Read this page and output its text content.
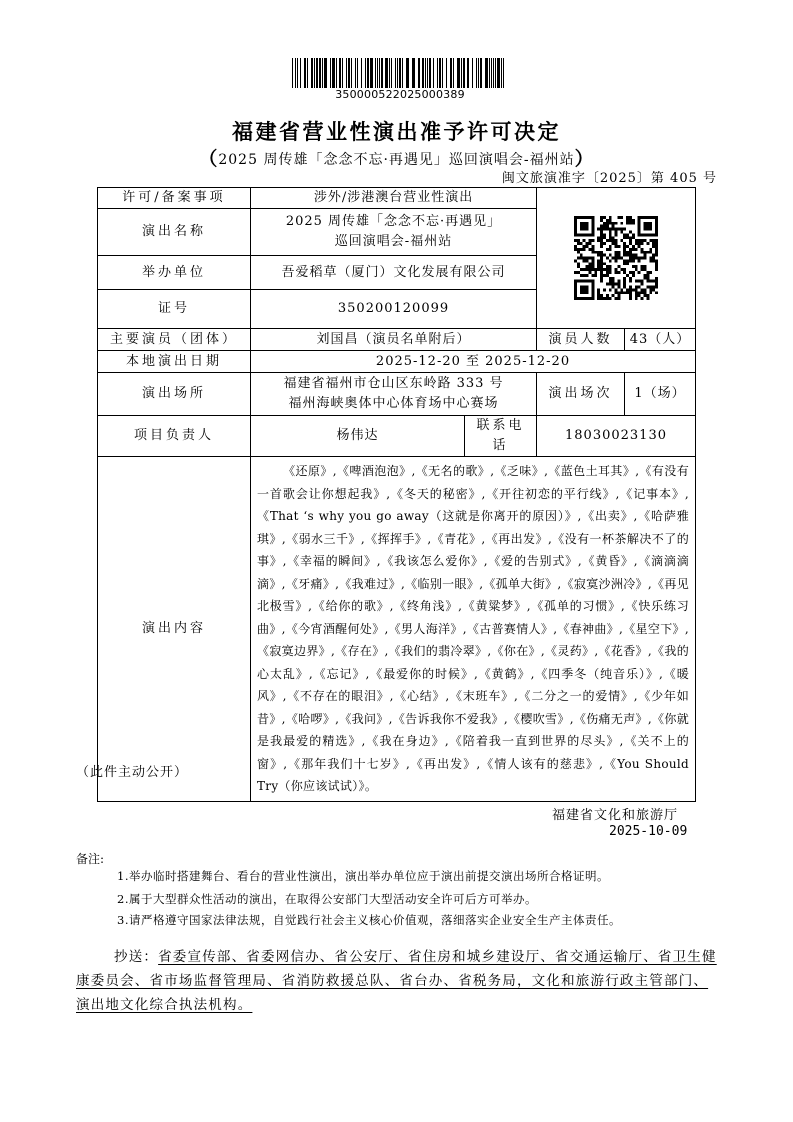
350000522025000389
福建省营业性演出准予许可决定
（2025 周传雄「念念不忘·再遇见」巡回演唱会-福州站）
闽文旅演准字〔2025〕第 405 号
许可/备案事项	涉外/涉港澳台营业性演出	

演出名称	2025 周传雄「念念不忘·再遇见」
巡回演唱会-福州站			

举办单位	吾爱稻草（厦门）文化发展有限公司			
证号	350200120099			
主要演员（团体）	刘国昌（演员名单附后）		演员人数	43（人）
本地演出日期	2025-12-20 至 2025-12-20			
演出场所	福建省福州市仓山区东岭路 333 号
福州海峡奥体中心体育场中心赛场		演出场次	1（场）
项目负责人	杨伟达	联系电话	18030023130	
演出内容	《还原》,《啤酒泡泡》,《无名的歌》,《乏味》,《蓝色土耳其》,《有没有一首歌会让你想起我》,《冬天的秘密》,《开往初恋的平行线》,《记事本》,《That ‘s why you go away（这就是你离开的原因）》,《出卖》,《哈萨雅琪》,《弱水三千》,《挥挥手》,《青花》,《再出发》,《没有一杯茶解决不了的事》,《幸福的瞬间》,《我该怎么爱你》,《爱的告别式》,《黄昏》,《滴滴滴滴》,《牙痛》,《我难过》,《临别一眼》,《孤单大街》,《寂寞沙洲冷》,《再见北极雪》,《给你的歌》,《终角浅》,《黄粱梦》,《孤单的习惯》,《快乐练习曲》,《今宵酒醒何处》,《男人海洋》,《古普赛情人》,《春神曲》,《星空下》,《寂寞边界》,《存在》,《我们的翡冷翠》,《你在》,《灵药》,《花香》,《我的心太乱》,《忘记》,《最爱你的时候》,《黄鹤》,《四季冬（纯音乐）》,《暖风》,《不存在的眼泪》,《心结》,《末班车》,《二分之一的爱情》,《少年如昔》,《哈啰》,《我问》,《告诉我你不爱我》,《樱吹雪》,《伤痛无声》,《你就是我最爱的精选》,《我在身边》,《陪着我一直到世界的尽头》,《关不上的窗》,《那年我们十七岁》,《再出发》,《情人该有的慈悲》,《You Should Try（你应该试试）》。			
（此件主动公开）
福建省文化和旅游厅
2025-10-09
备注:
1.举办临时搭建舞台、看台的营业性演出，演出举办单位应于演出前提交演出场所合格证明。
2.属于大型群众性活动的演出，在取得公安部门大型活动安全许可后方可举办。
3.请严格遵守国家法律法规，自觉践行社会主义核心价值观，落细落实企业安全生产主体责任。
抄送：省委宣传部、省委网信办、省公安厅、省住房和城乡建设厅、省交通运输厅、省卫生健康委员会、省市场监督管理局、省消防救援总队、省台办、省税务局，文化和旅游行政主管部门、演出地文化综合执法机构。
